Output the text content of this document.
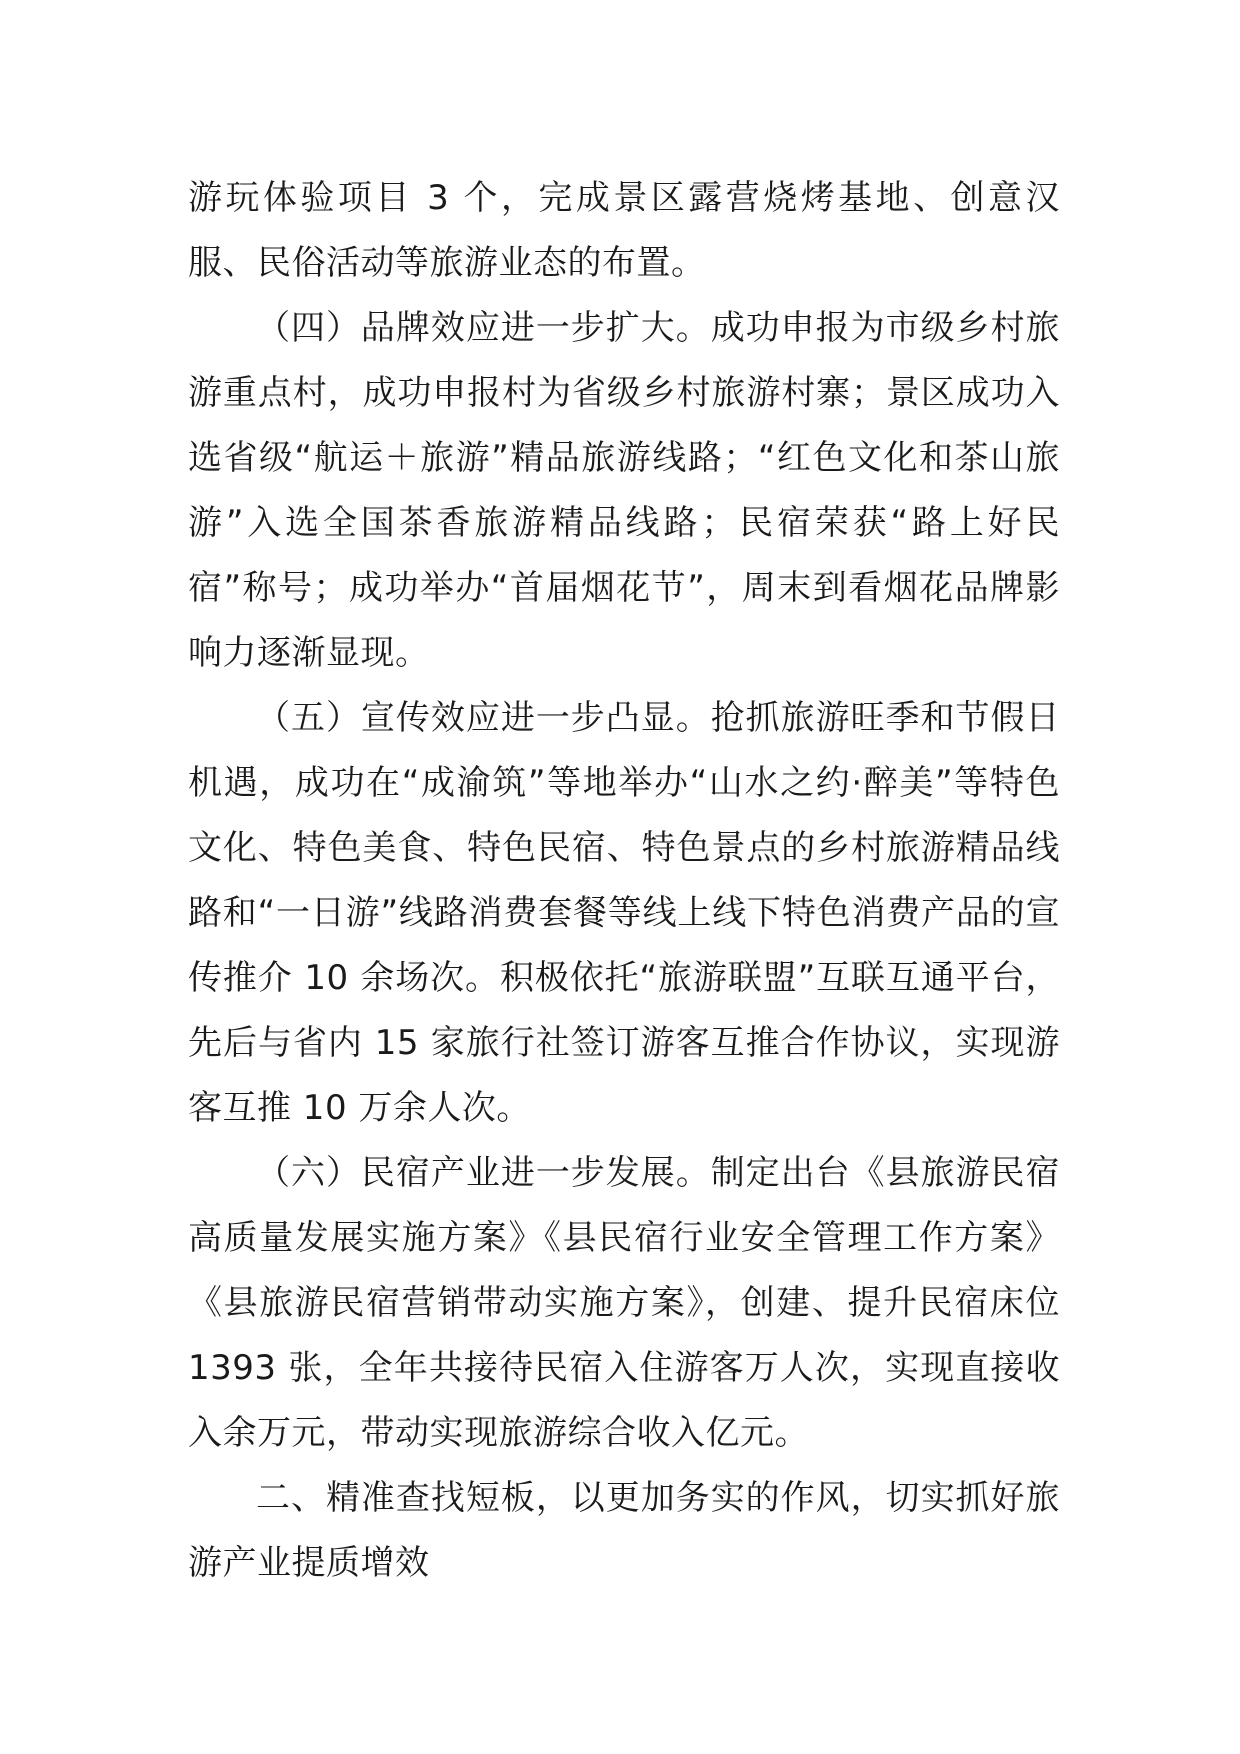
游玩体验项目 3 个，完成景区露营烧烤基地、创意汉服、民俗活动等旅游业态的布置。

（四）品牌效应进一步扩大。成功申报为市级乡村旅游重点村，成功申报村为省级乡村旅游村寨；景区成功入选省级“航运＋旅游”精品旅游线路；“红色文化和茶山旅游”入选全国茶香旅游精品线路；民宿荣获“路上好民宿”称号；成功举办“首届烟花节”，周末到看烟花品牌影响力逐渐显现。

（五）宣传效应进一步凸显。抢抓旅游旺季和节假日机遇，成功在“成渝筑”等地举办“山水之约·醉美”等特色文化、特色美食、特色民宿、特色景点的乡村旅游精品线路和“一日游”线路消费套餐等线上线下特色消费产品的宣传推介 10 余场次。积极依托“旅游联盟”互联互通平台，先后与省内 15 家旅行社签订游客互推合作协议，实现游客互推 10 万余人次。

（六）民宿产业进一步发展。制定出台《县旅游民宿高质量发展实施方案》《县民宿行业安全管理工作方案》《县旅游民宿营销带动实施方案》，创建、提升民宿床位 1393 张，全年共接待民宿入住游客万人次，实现直接收入余万元，带动实现旅游综合收入亿元。

二、精准查找短板，以更加务实的作风，切实抓好旅游产业提质增效
